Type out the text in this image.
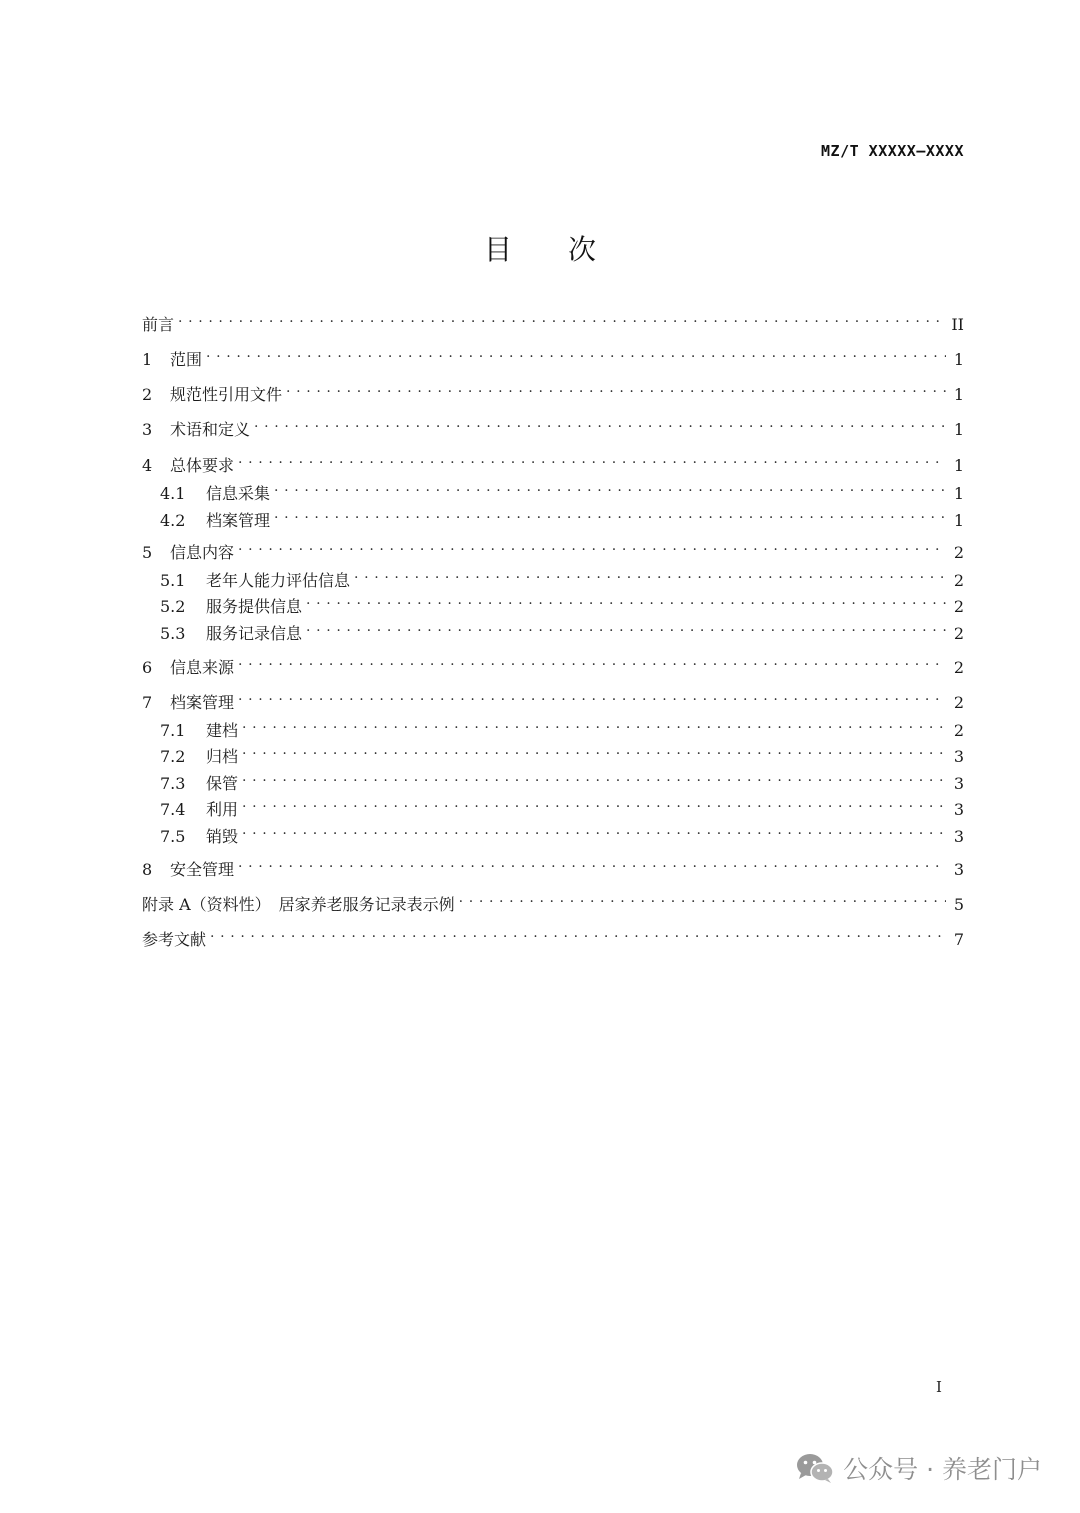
MZ/T XXXXX—XXXX
目次
前言 . . .	II
1	范围 . . .	1
2	规范性引用文件 . . .	1
3	术语和定义 . . .	1
4	总体要求 . . .	1
4.1	信息采集 . . .	1
4.2	档案管理 . . .	1
5	信息内容 . . .	2
5.1	老年人能力评估信息 . . .	2
5.2	服务提供信息 . . .	2
5.3	服务记录信息 . . .	2
6	信息来源 . . .	2
7	档案管理 . . .	2
7.1	建档 . . .	2
7.2	归档 . . .	3
7.3	保管 . . .	3
7.4	利用 . . .	3
7.5	销毁 . . .	3
8	安全管理 . . .	3
附录 A（资料性）　居家养老服务记录表示例 . . .	5
参考文献 . . .	7
I
公众号 · 养老门户
